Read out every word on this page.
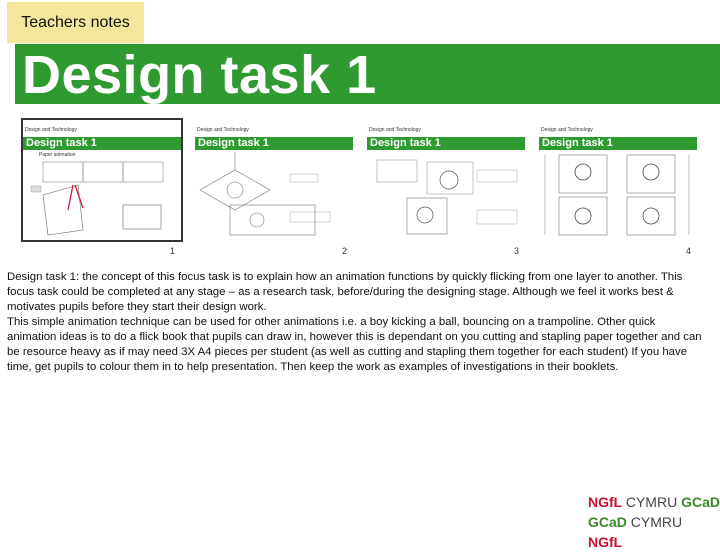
Teachers notes
Design task 1
Design and Technology
Design task 1
Paper animation
1
Design and Technology
Design task 1
2
Design and Technology
Design task 1
3
Design and Technology
Design task 1
4

Design task 1: the concept of this focus task is to explain how an animation functions by quickly flicking from one layer to another. This focus task could be completed at any stage – as a research task, before/during the designing stage. Although we feel it works best & motivates pupils before they start their design work.

This simple animation technique can be used for other animations i.e. a boy kicking a ball, bouncing on a trampoline. Other quick animation ideas is to do a flick book that pupils can draw in, however this is dependant on you cutting and stapling paper together and can be resource heavy as if may need 3X A4 pieces per student (as well as cutting and stapling them together for each student) If you have time, get pupils to colour them in to help presentation. Then keep the work as examples of investigations in their booklets.

NGfL CYMRU GCaD
GCaD CYMRU NGfL
